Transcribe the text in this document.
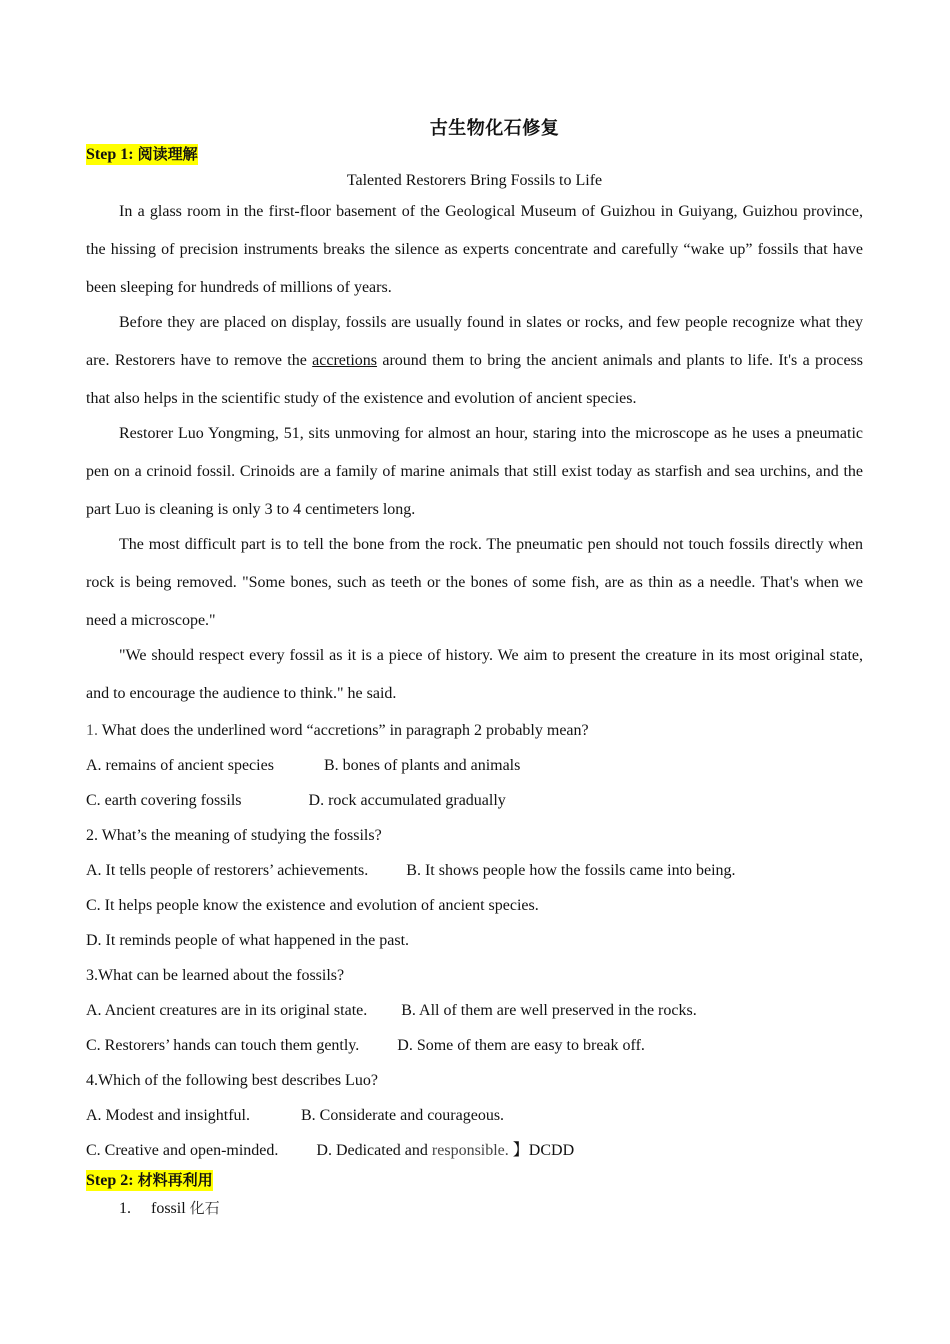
古生物化石修复
Step 1: 阅读理解
Talented Restorers Bring Fossils to Life

In a glass room in the first-floor basement of the Geological Museum of Guizhou in Guiyang, Guizhou province, the hissing of precision instruments breaks the silence as experts concentrate and carefully “wake up” fossils that have been sleeping for hundreds of millions of years.

Before they are placed on display, fossils are usually found in slates or rocks, and few people recognize what they are. Restorers have to remove the accretions around them to bring the ancient animals and plants to life. It's a process that also helps in the scientific study of the existence and evolution of ancient species.

Restorer Luo Yongming, 51, sits unmoving for almost an hour, staring into the microscope as he uses a pneumatic pen on a crinoid fossil. Crinoids are a family of marine animals that still exist today as starfish and sea urchins, and the part Luo is cleaning is only 3 to 4 centimeters long.

The most difficult part is to tell the bone from the rock. The pneumatic pen should not touch fossils directly when rock is being removed. "Some bones, such as teeth or the bones of some fish, are as thin as a needle. That's when we need a microscope."

"We should respect every fossil as it is a piece of history. We aim to present the creature in its most original state, and to encourage the audience to think." he said.

1. What does the underlined word “accretions” in paragraph 2 probably mean?

A. remains of ancient species	B. bones of plants and animals

C. earth covering fossils	D. rock accumulated gradually

2. What’s the meaning of studying the fossils?

A. It tells people of restorers’ achievements. B. It shows people how the fossils came into being.

C. It helps people know the existence and evolution of ancient species.

D. It reminds people of what happened in the past.

3.What can be learned about the fossils?

A. Ancient creatures are in its original state. B. All of them are well preserved in the rocks.

C. Restorers’ hands can touch them gently. D. Some of them are easy to break off.

4.Which of the following best describes Luo?

A. Modest and insightful.	B. Considerate and courageous.

C. Creative and open-minded. D. Dedicated and responsible. 】DCDD

Step 2: 材料再利用
1. fossil 化石
